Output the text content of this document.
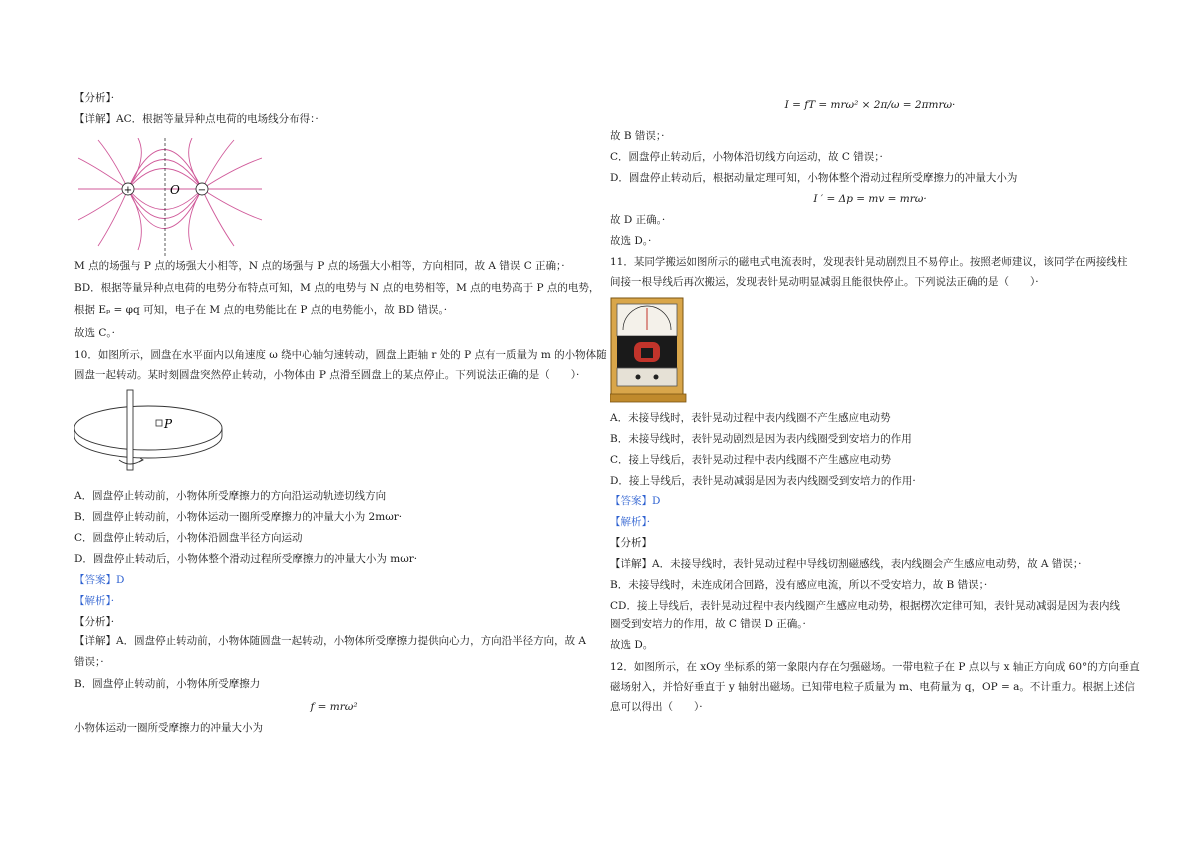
【分析】·
【详解】AC．根据等量异种点电荷的电场线分布得：·
+	−
O
M 点的场强与 P 点的场强大小相等，N 点的场强与 P 点的场强大小相等，方向相同，故 A 错误 C 正确；·
BD．根据等量异种点电荷的电势分布特点可知，M 点的电势与 N 点的电势相等，M 点的电势高于 P 点的电势，
根据 Eₚ = φq 可知，电子在 M 点的电势能比在 P 点的电势能小，故 BD 错误。·
故选 C。·
10．如图所示，圆盘在水平面内以角速度 ω 绕中心轴匀速转动，圆盘上距轴 r 处的 P 点有一质量为 m 的小物体随
圆盘一起转动。某时刻圆盘突然停止转动，小物体由 P 点滑至圆盘上的某点停止。下列说法正确的是（　　）·
P
A．圆盘停止转动前，小物体所受摩擦力的方向沿运动轨迹切线方向
B．圆盘停止转动前，小物体运动一圈所受摩擦力的冲量大小为 2mωr·
C．圆盘停止转动后，小物体沿圆盘半径方向运动
D．圆盘停止转动后，小物体整个滑动过程所受摩擦力的冲量大小为 mωr·
【答案】D
【解析】·
【分析】·
【详解】A．圆盘停止转动前，小物体随圆盘一起转动，小物体所受摩擦力提供向心力，方向沿半径方向，故 A
错误；·
B．圆盘停止转动前，小物体所受摩擦力
f = mrω²
小物体运动一圈所受摩擦力的冲量大小为
I = fT = mrω² × 2π/ω = 2πmrω·
故 B 错误；·
C．圆盘停止转动后，小物体沿切线方向运动，故 C 错误；·
D．圆盘停止转动后，根据动量定理可知，小物体整个滑动过程所受摩擦力的冲量大小为
I ′ = Δp = mv = mrω·
故 D 正确。·
故选 D。·
11．某同学搬运如图所示的磁电式电流表时，发现表针晃动剧烈且不易停止。按照老师建议，该同学在两接线柱
间接一根导线后再次搬运，发现表针晃动明显减弱且能很快停止。下列说法正确的是（　　）·
A．未接导线时，表针晃动过程中表内线圈不产生感应电动势
B．未接导线时，表针晃动剧烈是因为表内线圈受到安培力的作用
C．接上导线后，表针晃动过程中表内线圈不产生感应电动势
D．接上导线后，表针晃动减弱是因为表内线圈受到安培力的作用·
【答案】D
【解析】·
【分析】
【详解】A．未接导线时，表针晃动过程中导线切割磁感线，表内线圈会产生感应电动势，故 A 错误；·
B．未接导线时，未连成闭合回路，没有感应电流，所以不受安培力，故 B 错误；·
CD．接上导线后，表针晃动过程中表内线圈产生感应电动势，根据楞次定律可知，表针晃动减弱是因为表内线
圈受到安培力的作用，故 C 错误 D 正确。·
故选 D。
12．如图所示，在 xOy 坐标系的第一象限内存在匀强磁场。一带电粒子在 P 点以与 x 轴正方向成 60°的方向垂直
磁场射入，并恰好垂直于 y 轴射出磁场。已知带电粒子质量为 m、电荷量为 q，OP = a。不计重力。根据上述信
息可以得出（　　）·
